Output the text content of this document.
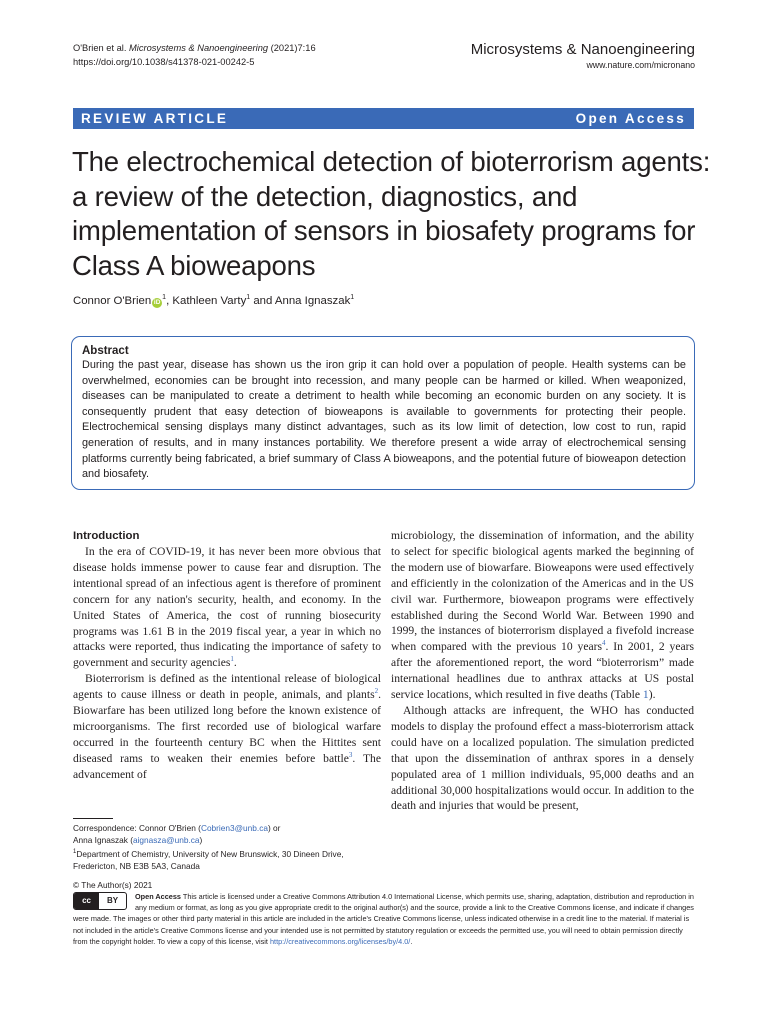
O'Brien et al. Microsystems & Nanoengineering (2021)7:16
https://doi.org/10.1038/s41378-021-00242-5
Microsystems & Nanoengineering
www.nature.com/micronano
REVIEW ARTICLE	Open Access
The electrochemical detection of bioterrorism agents: a review of the detection, diagnostics, and implementation of sensors in biosafety programs for Class A bioweapons
Connor O'Brien $iD^1$, Kathleen Varty$^1$ and Anna Ignaszak$^1$
Abstract
During the past year, disease has shown us the iron grip it can hold over a population of people. Health systems can be overwhelmed, economies can be brought into recession, and many people can be harmed or killed. When weaponized, diseases can be manipulated to create a detriment to health while becoming an economic burden on any society. It is consequently prudent that easy detection of bioweapons is available to governments for protecting their people. Electrochemical sensing displays many distinct advantages, such as its low limit of detection, low cost to run, rapid generation of results, and in many instances portability. We therefore present a wide array of electrochemical sensing platforms currently being fabricated, a brief summary of Class A bioweapons, and the potential future of bioweapon detection and biosafety.
Introduction

In the era of COVID-19, it has never been more obvious that disease holds immense power to cause fear and disruption. The intentional spread of an infectious agent is therefore of prominent concern for any nation's security, health, and economy. In the United States of America, the cost of running biosecurity programs was 1.61 B in the 2019 fiscal year, a year in which no attacks were reported, thus indicating the importance of safety to government and security agencies$^1$.

Bioterrorism is defined as the intentional release of biological agents to cause illness or death in people, animals, and plants$^2$. Biowarfare has been utilized long before the known existence of microorganisms. The first recorded use of biological warfare occurred in the fourteenth century BC when the Hittites sent diseased rams to weaken their enemies before battle$^3$. The advancement of

microbiology, the dissemination of information, and the ability to select for specific biological agents marked the beginning of the modern use of biowarfare. Bioweapons were used effectively and efficiently in the colonization of the Americas and in the US civil war. Furthermore, bioweapon programs were effectively established during the Second World War. Between 1990 and 1999, the instances of bioterrorism displayed a fivefold increase when compared with the previous 10 years$^4$. In 2001, 2 years after the aforementioned report, the word “bioterrorism” made international headlines due to anthrax attacks at US postal service locations, which resulted in five deaths (Table 1).

Although attacks are infrequent, the WHO has conducted models to display the profound effect a mass-bioterrorism attack could have on a localized population. The simulation predicted that upon the dissemination of anthrax spores in a densely populated area of 1 million individuals, 95,000 deaths and an additional 30,000 hospitalizations would occur. In addition to the death and injuries that would be present,

Correspondence: Connor O'Brien (Cobrien3@unb.ca) or
Anna Ignaszak (aignasza@unb.ca)
$^1$Department of Chemistry, University of New Brunswick, 30 Dineen Drive, Fredericton, NB E3B 5A3, Canada
© The Author(s) 2021
cc	BY	Open Access This article is licensed under a Creative Commons Attribution 4.0 International License, which permits use, sharing, adaptation, distribution and reproduction in any medium or format, as long as you give appropriate credit to the original author(s) and the source, provide a link to the Creative Commons license, and indicate if changes were made. The images or other third party material in this article are included in the article's Creative Commons license, unless indicated otherwise in a credit line to the material. If material is not included in the article's Creative Commons license and your intended use is not permitted by statutory regulation or exceeds the permitted use, you will need to obtain permission directly from the copyright holder. To view a copy of this license, visit http://creativecommons.org/licenses/by/4.0/.
